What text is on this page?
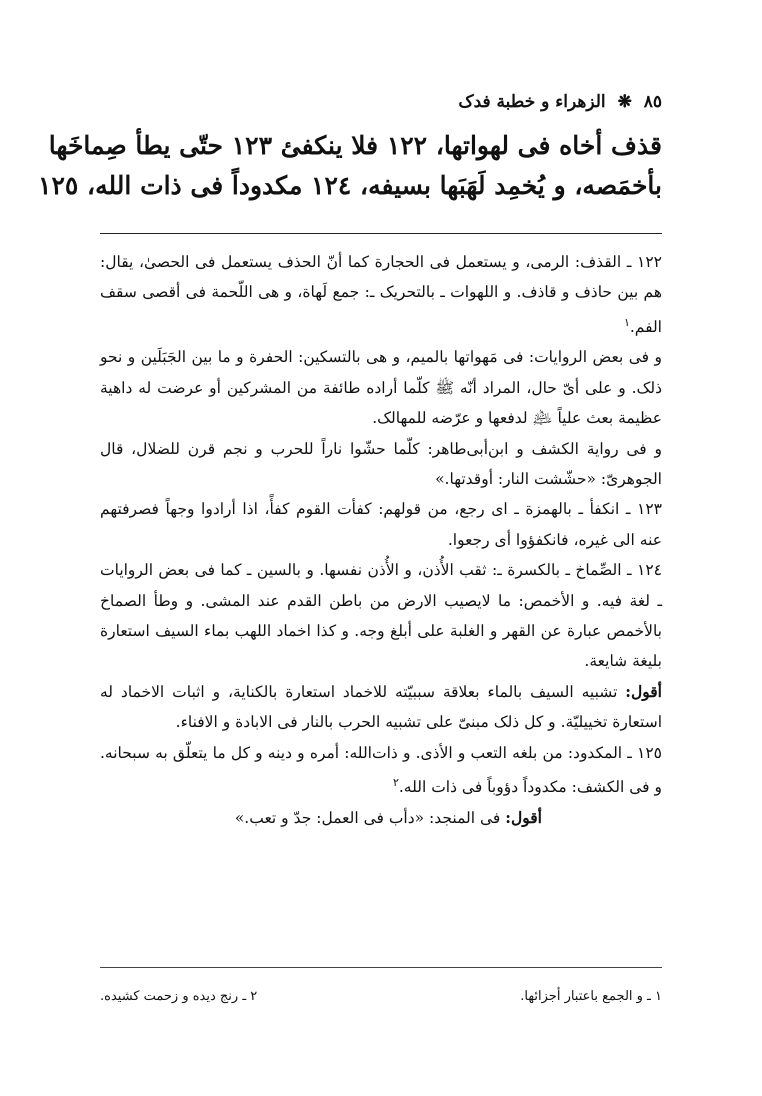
٨٥ ❋ الزهراء و خطبة فدک
قذف أخاه فى لهواتها، ١٢٢ فلا ينكفئ ١٢٣ حتّى يطأ صِماخَها
بأخمَصه، و يُخمِد لَهَبَها بسيفه، ١٢٤ مكدوداً فى ذات الله، ١٢٥

١٢٢ ـ القذف: الرمى، و يستعمل فى الحجارة كما أنّ الحذف يستعمل فى الحصىٰ، يقال: هم بين حاذف و قاذف. و اللهوات ـ بالتحريک ـ: جمع لَهاة، و هى اللّحمة فى أقصى سقف الفم.$^١$

و فى بعض الروايات: فى مَهواتها بالميم، و هى بالتسكين: الحفرة و ما بين الجَبَلَين و نحو ذلک. و على أىّ حال، المراد أنّه ﷺ كلّما أراده طائفة من المشركين أو عرضت له داهية عظيمة بعث علياً ﵇ لدفعها و عرّضه للمهالک.

و فى رواية الكشف و ابن‌أبى‌طاهر: كلّما حشّوا ناراً للحرب و نجم قرن للضلال، قال الجوهرىّ: «حشّشت النار: أوقدتها.»

١٢٣ ـ انكفأ ـ بالهمزة ـ اى رجع، من قولهم: كفأت القوم كفأً، اذا أرادوا وجهاً فصرفتهم عنه الى غيره، فانكفؤوا أى رجعوا.

١٢٤ ـ الصِّماخ ـ بالكسرة ـ: ثقب الأُذن، و الأُذن نفسها. و بالسين ـ كما فى بعض الروايات ـ لغة فيه. و الأخمص: ما لايصيب الارض من باطن القدم عند المشى. و وطأ الصماخ بالأخمص عبارة عن القهر و الغلبة على أبلغ وجه. و كذا اخماد اللهب بماء السيف استعارة بليغة شايعة.

أقول: تشبيه السيف بالماء بعلاقة سببيّته للاخماد استعارة بالكناية، و اثبات الاخماد له استعارة تخييليّة. و كل ذلک مبنىّ على تشبيه الحرب بالنار فى الابادة و الافناء.

١٢٥ ـ المكدود: من بلغه التعب و الأذى. و ذات‌الله: أمره و دينه و كل ما يتعلّق به سبحانه. و فى الكشف: مكدوداً دؤوباً فى ذات الله.$^٢$

أقول: فى المنجد: «دأب فى العمل: جدّ و تعب.»

١ ـ و الجمع باعتبار أجزائها.
٢ ـ رنج ديده و زحمت كشيده.
